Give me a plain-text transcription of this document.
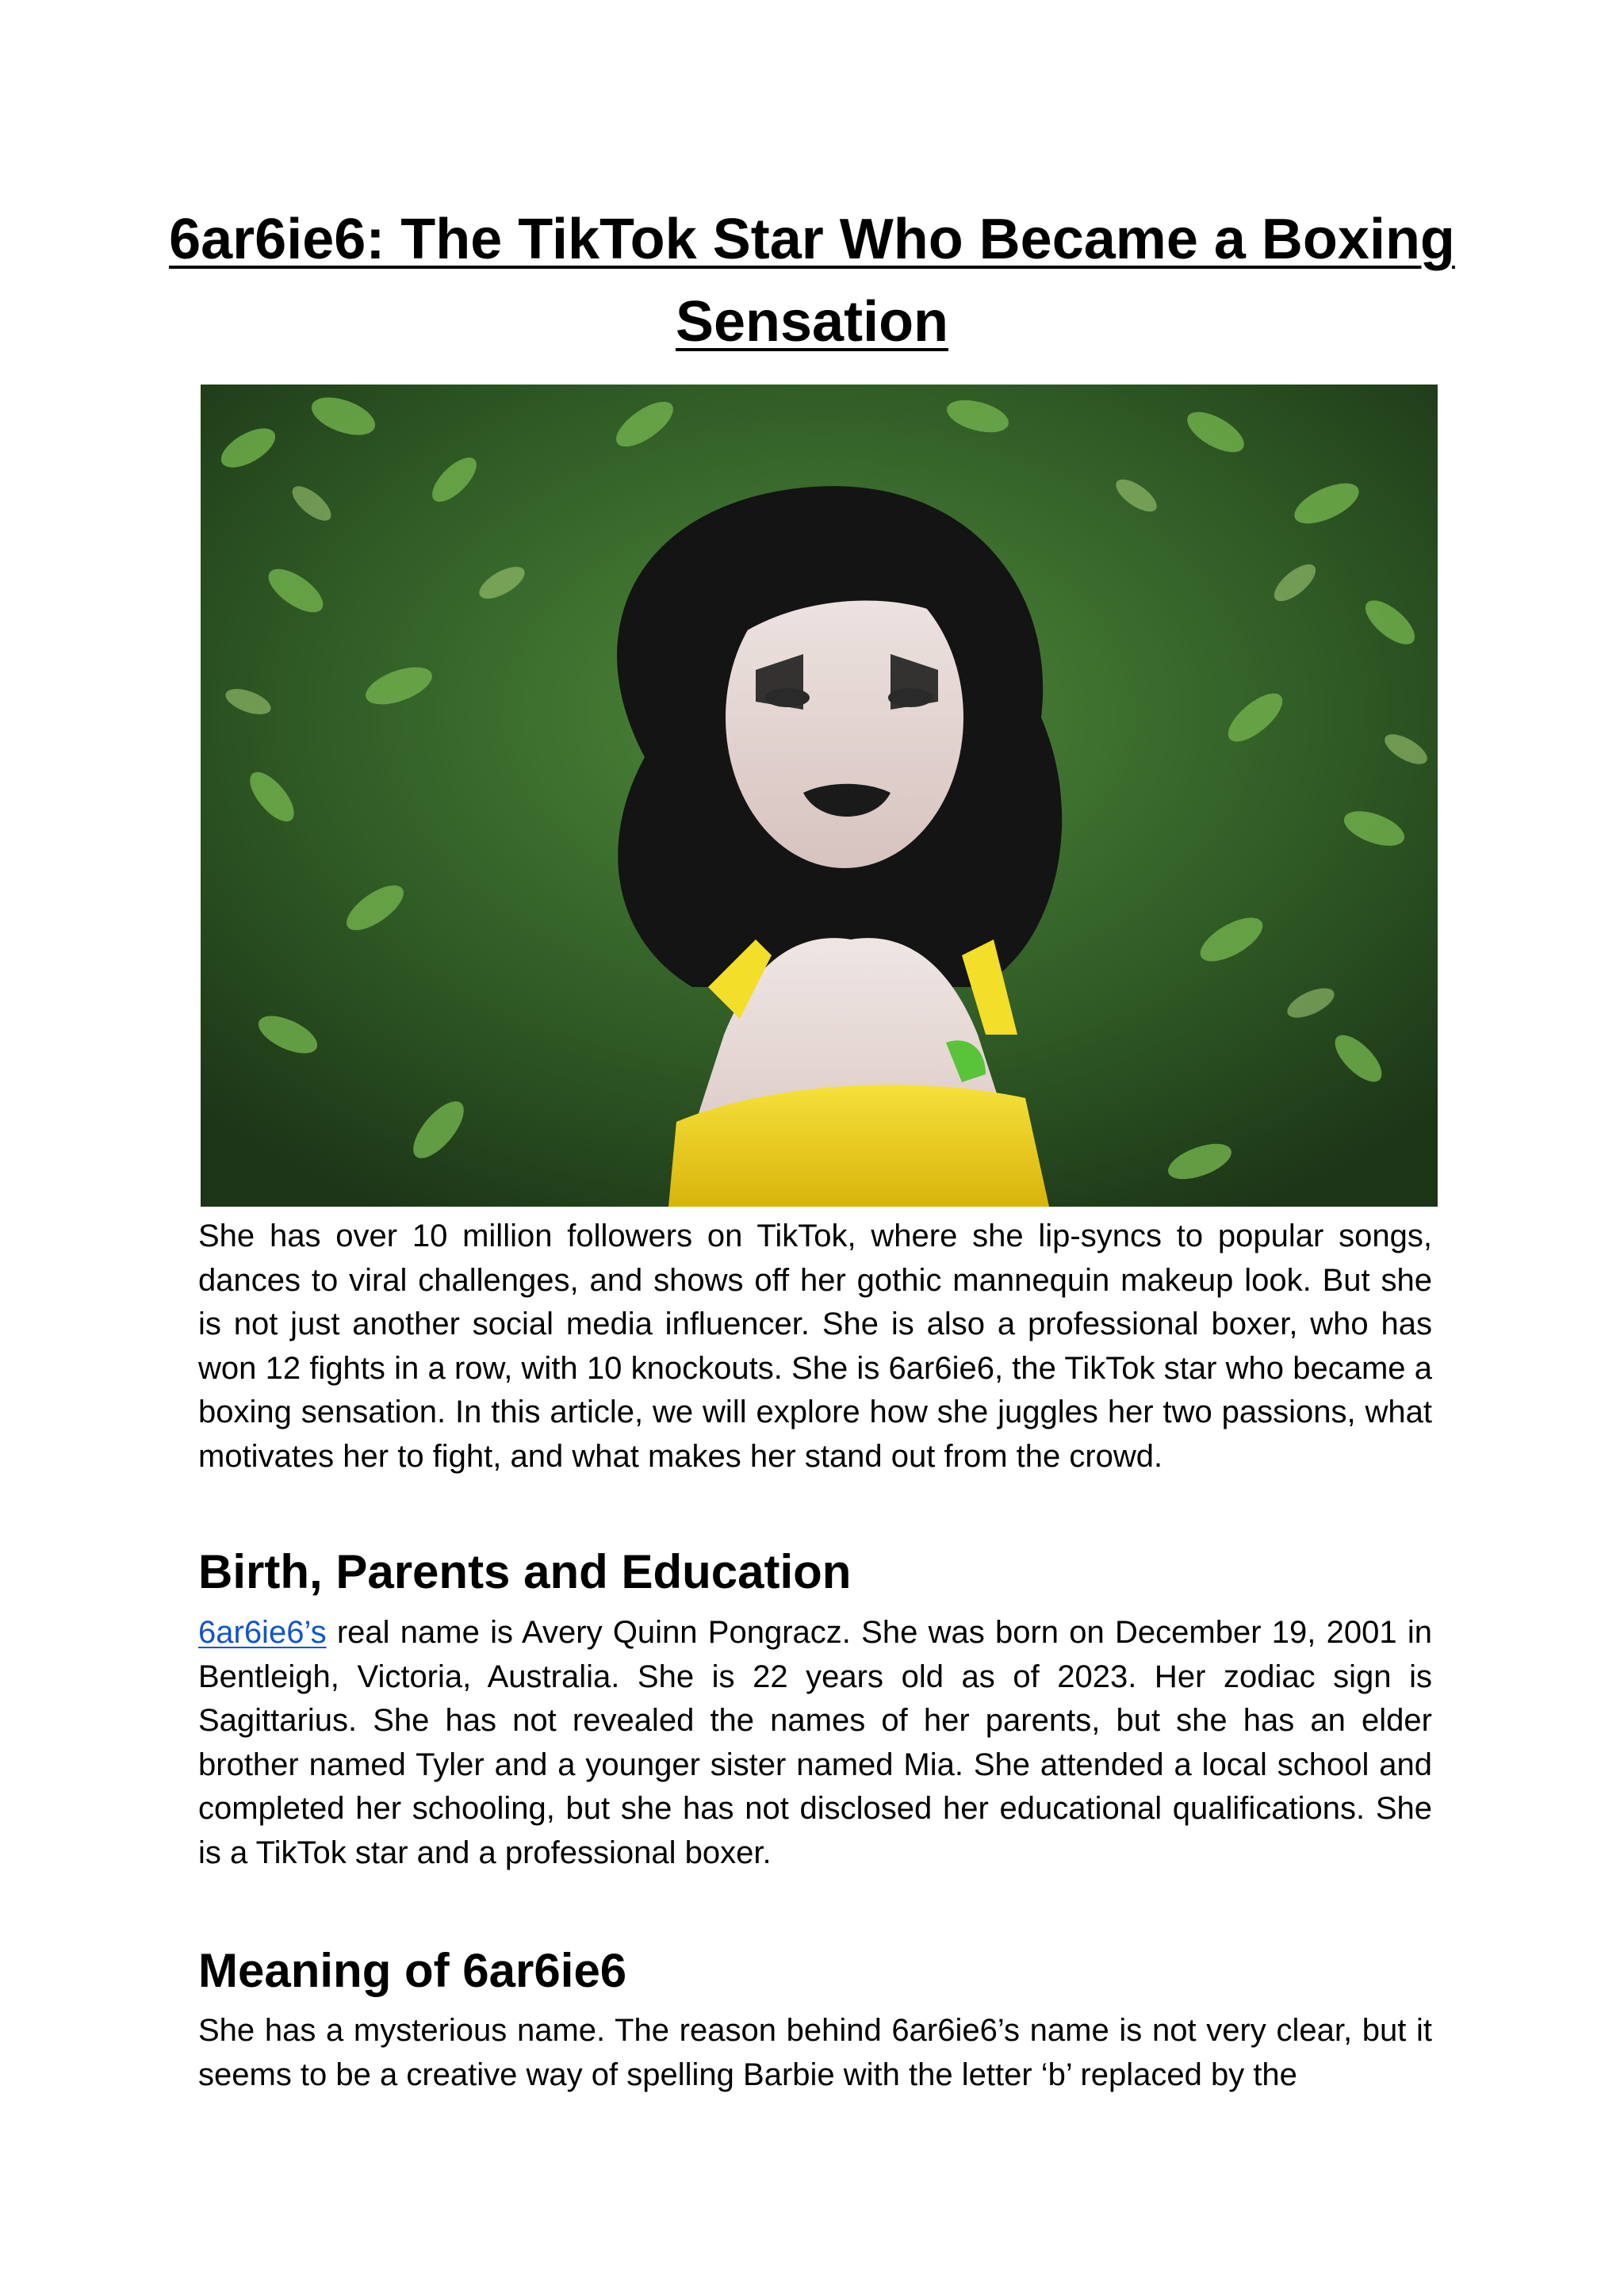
6ar6ie6: The TikTok Star Who Became a Boxing Sensation

She has over 10 million followers on TikTok, where she lip-syncs to popular songs, dances to viral challenges, and shows off her gothic mannequin makeup look. But she is not just another social media influencer. She is also a professional boxer, who has won 12 fights in a row, with 10 knockouts. She is 6ar6ie6, the TikTok star who became a boxing sensation. In this article, we will explore how she juggles her two passions, what motivates her to fight, and what makes her stand out from the crowd.

Birth, Parents and Education

6ar6ie6’s real name is Avery Quinn Pongracz. She was born on December 19, 2001 in Bentleigh, Victoria, Australia. She is 22 years old as of 2023. Her zodiac sign is Sagittarius. She has not revealed the names of her parents, but she has an elder brother named Tyler and a younger sister named Mia. She attended a local school and completed her schooling, but she has not disclosed her educational qualifications. She is a TikTok star and a professional boxer.

Meaning of 6ar6ie6

She has a mysterious name. The reason behind 6ar6ie6’s name is not very clear, but it seems to be a creative way of spelling Barbie with the letter ‘b’ replaced by the
